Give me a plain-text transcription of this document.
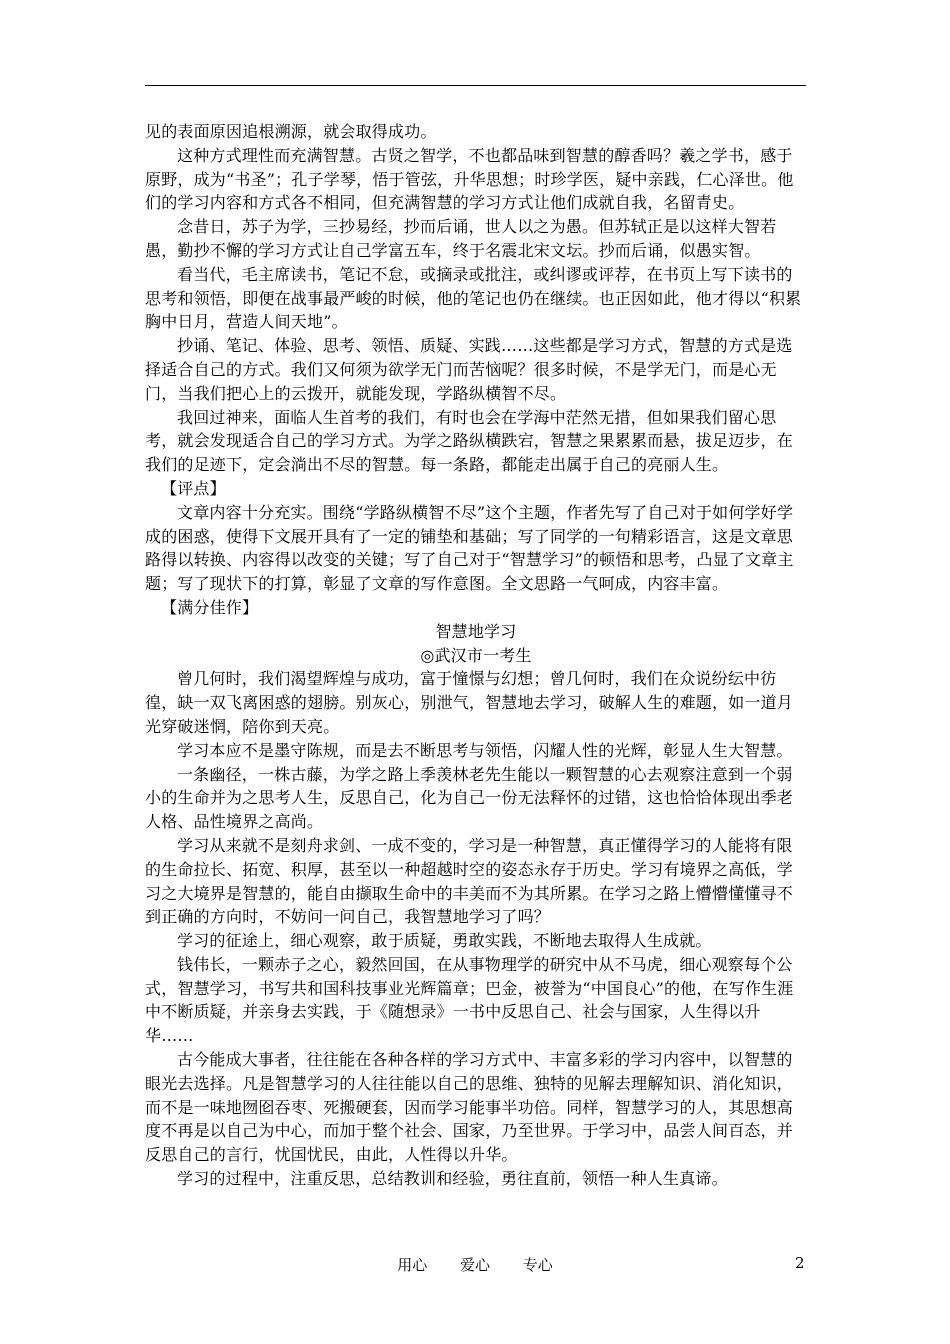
见的表面原因追根溯源，就会取得成功。

这种方式理性而充满智慧。古贤之智学，不也都品味到智慧的醇香吗？羲之学书，感于原野，成为“书圣”；孔子学琴，悟于管弦，升华思想；时珍学医，疑中亲践，仁心泽世。他们的学习内容和方式各不相同，但充满智慧的学习方式让他们成就自我，名留青史。

念昔日，苏子为学，三抄易经，抄而后诵，世人以之为愚。但苏轼正是以这样大智若愚，勤抄不懈的学习方式让自己学富五车，终于名震北宋文坛。抄而后诵，似愚实智。

看当代，毛主席读书，笔记不怠，或摘录或批注，或纠谬或评荐，在书页上写下读书的思考和领悟，即便在战事最严峻的时候，他的笔记也仍在继续。也正因如此，他才得以“积累胸中日月，营造人间天地”。

抄诵、笔记、体验、思考、领悟、质疑、实践……这些都是学习方式，智慧的方式是选择适合自己的方式。我们又何须为欲学无门而苦恼呢？很多时候，不是学无门，而是心无门，当我们把心上的云拨开，就能发现，学路纵横智不尽。

我回过神来，面临人生首考的我们，有时也会在学海中茫然无措，但如果我们留心思考，就会发现适合自己的学习方式。为学之路纵横跌宕，智慧之果累累而悬，拔足迈步，在我们的足迹下，定会淌出不尽的智慧。每一条路，都能走出属于自己的亮丽人生。

【评点】

文章内容十分充实。围绕“学路纵横智不尽”这个主题，作者先写了自己对于如何学好学成的困惑，使得下文展开具有了一定的铺垫和基础；写了同学的一句精彩语言，这是文章思路得以转换、内容得以改变的关键；写了自己对于“智慧学习”的顿悟和思考，凸显了文章主题；写了现状下的打算，彰显了文章的写作意图。全文思路一气呵成，内容丰富。

【满分佳作】

智慧地学习

◎武汉市一考生

曾几何时，我们渴望辉煌与成功，富于憧憬与幻想；曾几何时，我们在众说纷纭中彷徨，缺一双飞离困惑的翅膀。别灰心，别泄气，智慧地去学习，破解人生的难题，如一道月光穿破迷惘，陪你到天亮。

学习本应不是墨守陈规，而是去不断思考与领悟，闪耀人性的光辉，彰显人生大智慧。

一条幽径，一株古藤，为学之路上季羡林老先生能以一颗智慧的心去观察注意到一个弱小的生命并为之思考人生，反思自己，化为自己一份无法释怀的过错，这也恰恰体现出季老人格、品性境界之高尚。

学习从来就不是刻舟求剑、一成不变的，学习是一种智慧，真正懂得学习的人能将有限的生命拉长、拓宽、积厚，甚至以一种超越时空的姿态永存于历史。学习有境界之高低，学习之大境界是智慧的，能自由撷取生命中的丰美而不为其所累。在学习之路上懵懵懂懂寻不到正确的方向时，不妨问一问自己，我智慧地学习了吗？

学习的征途上，细心观察，敢于质疑，勇敢实践，不断地去取得人生成就。

钱伟长，一颗赤子之心，毅然回国，在从事物理学的研究中从不马虎，细心观察每个公式，智慧学习，书写共和国科技事业光辉篇章；巴金，被誉为“中国良心”的他，在写作生涯中不断质疑，并亲身去实践，于《随想录》一书中反思自己、社会与国家，人生得以升华……

古今能成大事者，往往能在各种各样的学习方式中、丰富多彩的学习内容中，以智慧的眼光去选择。凡是智慧学习的人往往能以自己的思维、独特的见解去理解知识、消化知识，而不是一味地囫囵吞枣、死搬硬套，因而学习能事半功倍。同样，智慧学习的人，其思想高度不再是以自己为中心，而加于整个社会、国家，乃至世界。于学习中，品尝人间百态，并反思自己的言行，忧国忧民，由此，人性得以升华。

学习的过程中，注重反思，总结教训和经验，勇往直前，领悟一种人生真谛。

用心 爱心 专心	2
